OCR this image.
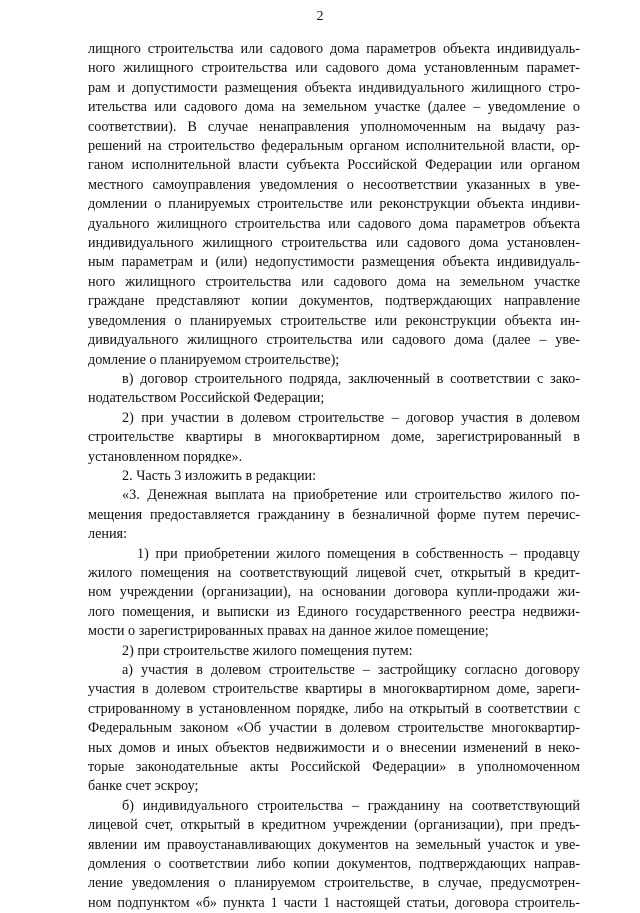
2

лищного строительства или садового дома параметров объекта индивидуаль-

ного жилищного строительства или садового дома установленным парамет-

рам и допустимости размещения объекта индивидуального жилищного стро-

ительства или садового дома на земельном участке (далее – уведомление о

соответствии). В случае ненаправления уполномоченным на выдачу раз-

решений на строительство федеральным органом исполнительной власти, ор-

ганом исполнительной власти субъекта Российской Федерации или органом

местного самоуправления уведомления о несоответствии указанных в уве-

домлении о планируемых строительстве или реконструкции объекта индиви-

дуального жилищного строительства или садового дома параметров объекта

индивидуального жилищного строительства или садового дома установлен-

ным параметрам и (или) недопустимости размещения объекта индивидуаль-

ного жилищного строительства или садового дома на земельном участке

граждане представляют копии документов, подтверждающих направление

уведомления о планируемых строительстве или реконструкции объекта ин-

дивидуального жилищного строительства или садового дома (далее – уве-

домление о планируемом строительстве);

в) договор строительного подряда, заключенный в соответствии с зако-

нодательством Российской Федерации;

2) при участии в долевом строительстве – договор участия в долевом

строительстве квартиры в многоквартирном доме, зарегистрированный в

установленном порядке».

2. Часть 3 изложить в редакции:

«3. Денежная выплата на приобретение или строительство жилого по-

мещения предоставляется гражданину в безналичной форме путем перечис-

ления:

1) при приобретении жилого помещения в собственность – продавцу

жилого помещения на соответствующий лицевой счет, открытый в кредит-

ном учреждении (организации), на основании договора купли-продажи жи-

лого помещения, и выписки из Единого государственного реестра недвижи-

мости о зарегистрированных правах на данное жилое помещение;

2) при строительстве жилого помещения путем:

а) участия в долевом строительстве – застройщику согласно договору

участия в долевом строительстве квартиры в многоквартирном доме, зареги-

стрированному в установленном порядке, либо на открытый в соответствии с

Федеральным законом «Об участии в долевом строительстве многоквартир-

ных домов и иных объектов недвижимости и о внесении изменений в неко-

торые законодательные акты Российской Федерации» в уполномоченном

банке счет эскроу;

б) индивидуального строительства – гражданину на соответствующий

лицевой счет, открытый в кредитном учреждении (организации), при предъ-

явлении им правоустанавливающих документов на земельный участок и уве-

домления о соответствии либо копии документов, подтверждающих направ-

ление уведомления о планируемом строительстве, в случае, предусмотрен-

ном подпунктом «б» пункта 1 части 1 настоящей статьи, договора строитель-
